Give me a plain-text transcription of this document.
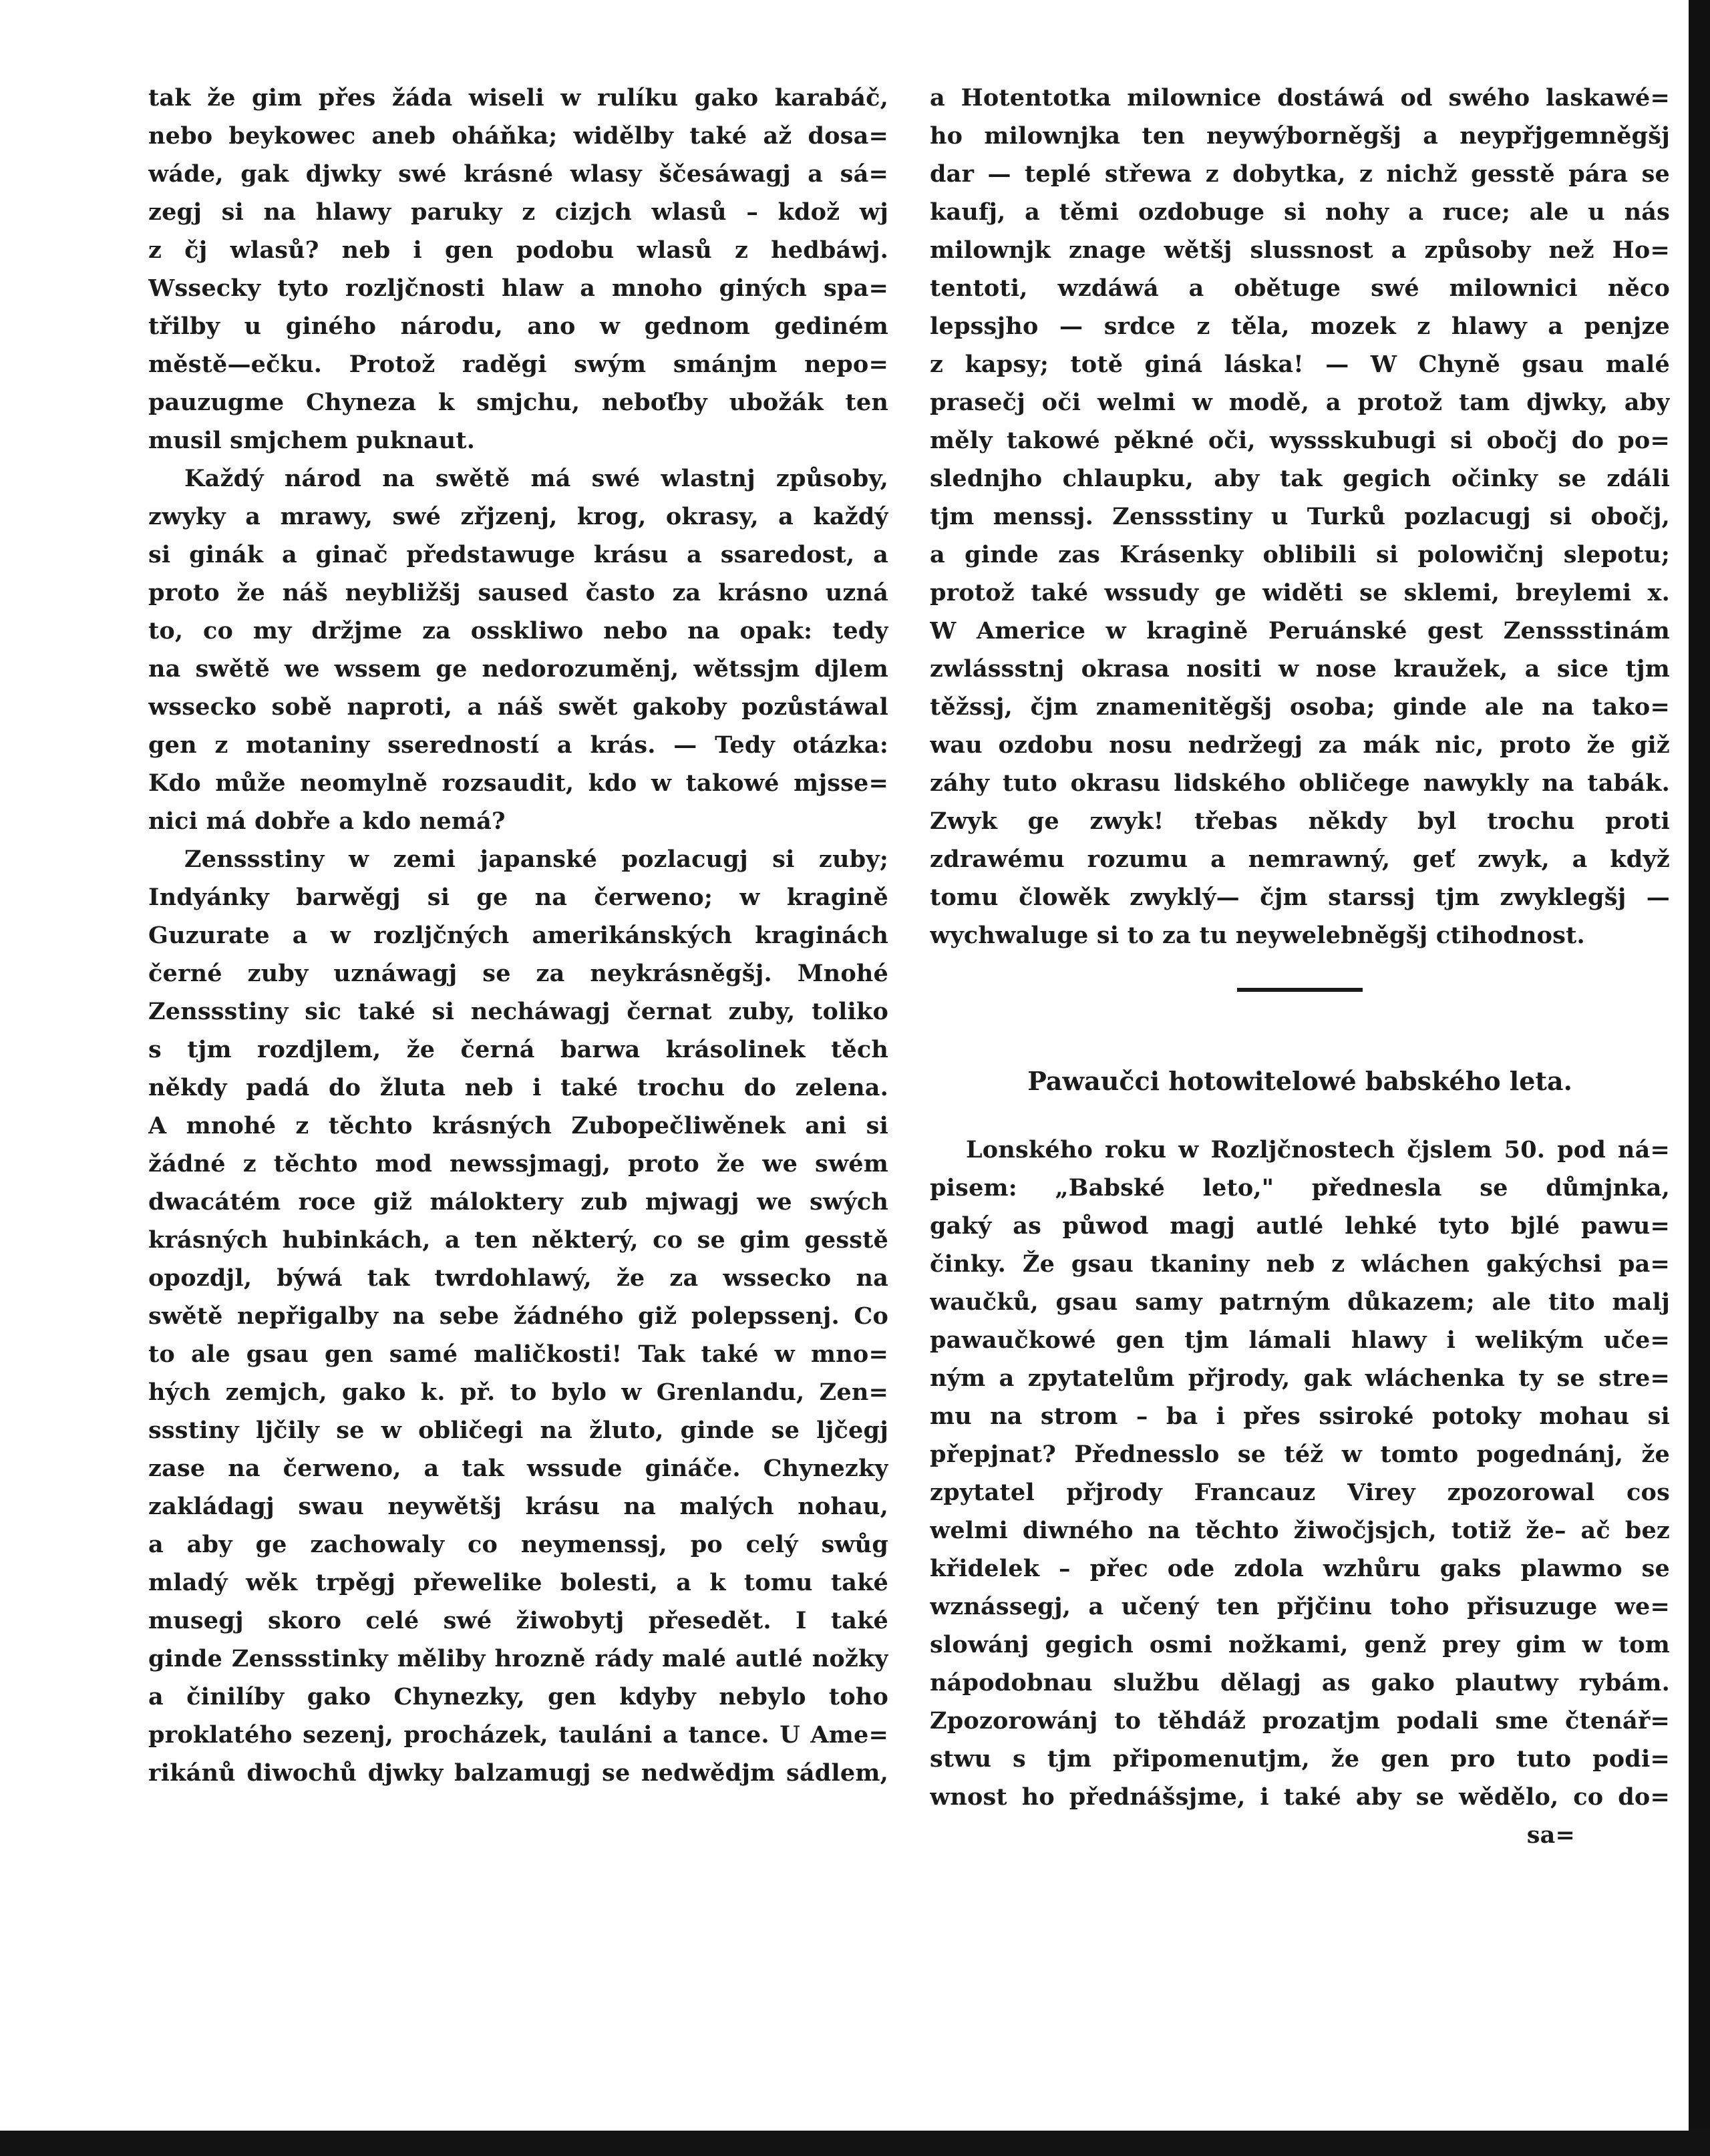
tak že gim přes žáda wiseli w rulíku gako karabáč,
nebo beykowec aneb oháňka; widělby také až dosa=
wáde, gak djwky swé krásné wlasy ščesáwagj a sá=
zegj si na hlawy paruky z cizjch wlasů – kdož wj
z čj wlasů? neb i gen podobu wlasů z hedbáwj.
Wssecky tyto rozljčnosti hlaw a mnoho giných spa=
třilby u giného národu, ano w gednom gediném
městě—ečku. Protož raděgi swým smánjm nepo=
pauzugme Chyneza k smjchu, neboťby ubožák ten
musil smjchem puknaut.
Každý národ na swětě má swé wlastnj způsoby,
zwyky a mrawy, swé zřjzenj, krog, okrasy, a každý
si ginák a ginač předstawuge krásu a ssaredost, a
proto že náš neybližšj saused často za krásno uzná
to, co my držjme za osskliwo nebo na opak: tedy
na swětě we wssem ge nedorozuměnj, wětssjm djlem
wssecko sobě naproti, a náš swět gakoby pozůstáwal
gen z motaniny sseredností a krás. — Tedy otázka:
Kdo může neomylně rozsaudit, kdo w takowé mjsse=
nici má dobře a kdo nemá?
Zenssstiny w zemi japanské pozlacugj si zuby;
Indyánky barwěgj si ge na čerweno; w kragině
Guzurate a w rozljčných amerikánských kraginách
černé zuby uznáwagj se za neykrásněgšj. Mnohé
Zenssstiny sic také si necháwagj černat zuby, toliko
s tjm rozdjlem, že černá barwa krásolinek těch
někdy padá do žluta neb i také trochu do zelena.
A mnohé z těchto krásných Zubopečliwěnek ani si
žádné z těchto mod newssjmagj, proto že we swém
dwacátém roce giž máloktery zub mjwagj we swých
krásných hubinkách, a ten některý, co se gim gesstě
opozdjl, býwá tak twrdohlawý, že za wssecko na
swětě nepřigalby na sebe žádného giž polepssenj. Co
to ale gsau gen samé maličkosti! Tak také w mno=
hých zemjch, gako k. př. to bylo w Grenlandu, Zen=
ssstiny ljčily se w obličegi na žluto, ginde se ljčegj
zase na čerweno, a tak wssude gináče. Chynezky
zakládagj swau neywětšj krásu na malých nohau,
a aby ge zachowaly co neymenssj, po celý swůg
mladý wěk trpěgj přewelike bolesti, a k tomu také
musegj skoro celé swé žiwobytj přesedět. I také
ginde Zenssstinky měliby hrozně rády malé autlé nožky
a činilíby gako Chynezky, gen kdyby nebylo toho
proklatého sezenj, procházek, tauláni a tance. U Ame=
rikánů diwochů djwky balzamugj se nedwědjm sádlem,
a Hotentotka milownice dostáwá od swého laskawé=
ho milownjka ten neywýborněgšj a neypřjgemněgšj
dar — teplé střewa z dobytka, z nichž gesstě pára se
kaufj, a těmi ozdobuge si nohy a ruce; ale u nás
milownjk znage wětšj slussnost a způsoby než Ho=
tentoti, wzdáwá a obětuge swé milownici něco
lepssjho — srdce z těla, mozek z hlawy a penjze
z kapsy; totě giná láska! — W Chyně gsau malé
prasečj oči welmi w modě, a protož tam djwky, aby
měly takowé pěkné oči, wyssskubugi si obočj do po=
slednjho chlaupku, aby tak gegich očinky se zdáli
tjm menssj. Zenssstiny u Turků pozlacugj si obočj,
a ginde zas Krásenky oblibili si polowičnj slepotu;
protož také wssudy ge widěti se sklemi, breylemi x.
W Americe w kragině Peruánské gest Zenssstinám
zwlássstnj okrasa nositi w nose kraužek, a sice tjm
těžssj, čjm znamenitěgšj osoba; ginde ale na tako=
wau ozdobu nosu nedržegj za mák nic, proto že giž
záhy tuto okrasu lidského obličege nawykly na tabák.
Zwyk ge zwyk! třebas někdy byl trochu proti
zdrawému rozumu a nemrawný, geť zwyk, a když
tomu člowěk zwyklý— čjm starssj tjm zwyklegšj —
wychwaluge si to za tu neywelebněgšj ctihodnost.
Pawaučci hotowitelowé babského leta.
Lonského roku w Rozljčnostech čjslem 50. pod ná=
pisem: „Babské leto," přednesla se důmjnka,
gaký as půwod magj autlé lehké tyto bjlé pawu=
činky. Že gsau tkaniny neb z wláchen gakýchsi pa=
waučků, gsau samy patrným důkazem; ale tito malj
pawaučkowé gen tjm lámali hlawy i welikým uče=
ným a zpytatelům přjrody, gak wláchenka ty se stre=
mu na strom – ba i přes ssiroké potoky mohau si
přepjnat? Přednesslo se též w tomto pogednánj, že
zpytatel přjrody Francauz Virey zpozorowal cos
welmi diwného na těchto žiwočjsjch, totiž že– ač bez
křidelek – přec ode zdola wzhůru gaks plawmo se
wznássegj, a učený ten přjčinu toho přisuzuge we=
slowánj gegich osmi nožkami, genž prey gim w tom
nápodobnau službu dělagj as gako plautwy rybám.
Zpozorowánj to těhdáž prozatjm podali sme čtenář=
stwu s tjm připomenutjm, že gen pro tuto podi=
wnost ho přednášsjme, i také aby se wědělo, co do=
sa=
